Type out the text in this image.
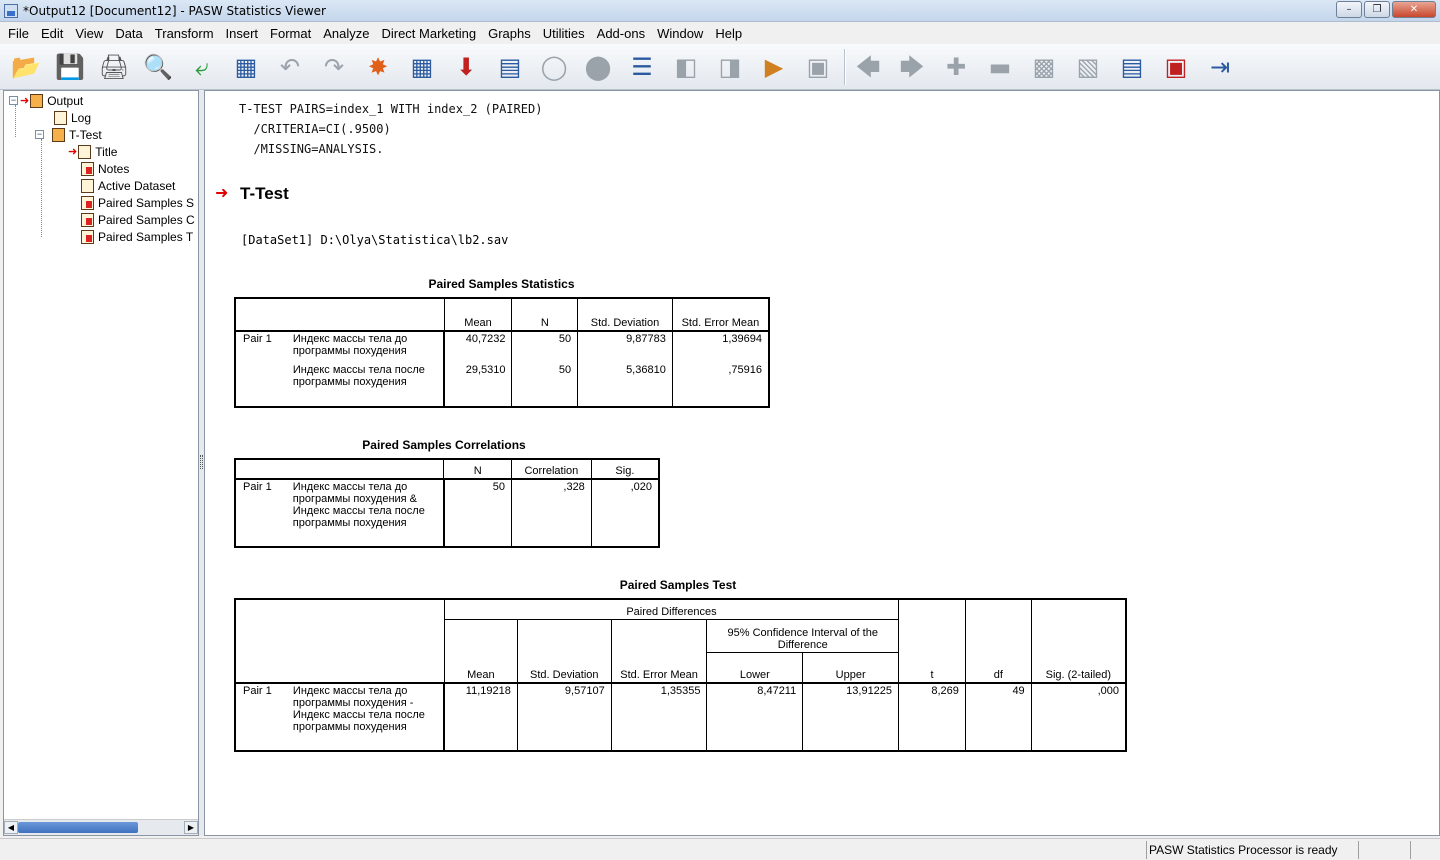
*Output12 [Document12] - PASW Statistics Viewer	–	❐	✕
File Edit View Data Transform Insert Format Analyze Direct Marketing Graphs Utilities Add-ons Window Help
📂 💾 🖨 🔍 ⤶	▦ ↶ ↷ ✸ ▦ ⬇ ▤ ◯ ⬤ ☰ ◧ ◨ ▶ ▣ 🡄 🡆 ✚ ▬ ▩ ▧ ▤ ▣ ⇥
− ➜ Output
Log
− T-Test
➜ Title
Notes
Active Dataset
Paired Samples S
Paired Samples C
Paired Samples T
◀	▶
T-TEST PAIRS=index_1 WITH index_2 (PAIRED)
/CRITERIA=CI(.9500)
/MISSING=ANALYSIS.
➜ T-Test
[DataSet1] D:\Olya\Statistica\lb2.sav
Paired Samples Statistics
		Mean	N	Std. Deviation	Std. Error Mean
Pair 1	Индекс массы тела до программы похудения	40,7232	50	9,87783	1,39694
	Индекс массы тела после программы похудения	29,5310	50	5,36810	,75916
Paired Samples Correlations
		N	Correlation	Sig.
Pair 1	Индекс массы тела до программы похудения & Индекс массы тела после программы похудения	50	,328	,020
Paired Samples Test
		Paired Differences					t	df	Sig. (2-tailed)
		Mean	Std. Deviation	Std. Error Mean	95% Confidence Interval of the Difference				
					Lower	Upper			
Pair 1	Индекс массы тела до программы похудения - Индекс массы тела после программы похудения	11,19218	9,57107	1,35355	8,47211	13,91225	8,269	49	,000
PASW Statistics Processor is ready
